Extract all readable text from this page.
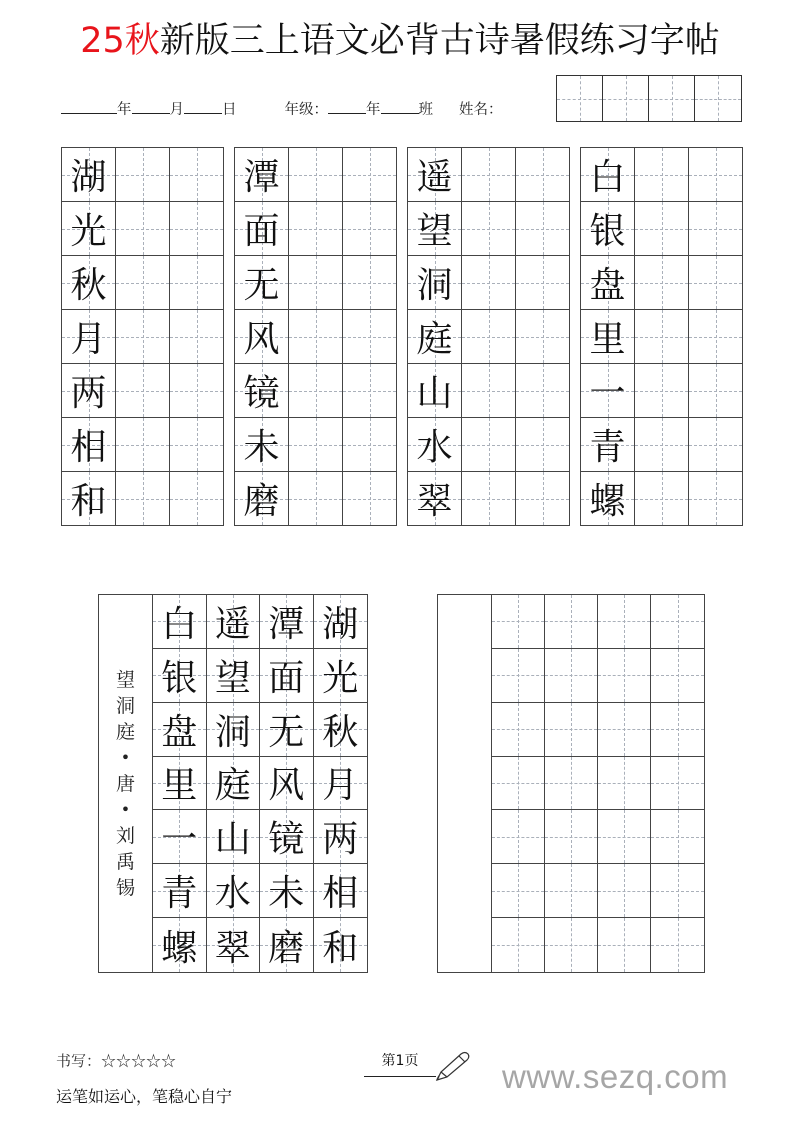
25秋新版三上语文必背古诗暑假练习字帖
年	月	日	年级：	年	班 姓名：
湖
光
秋
月
两
相
和
潭
面
无
风
镜
未
磨
遥
望
洞
庭
山
水
翠
白
银
盘
里
一
青
螺
望
洞
庭
•
唐
•
刘
禹
锡
白 遥 潭 湖
银 望 面 光
盘 洞 无 秋
里 庭 风 月
一 山 镜 两
青 水 未 相
螺 翠 磨 和
书写：☆☆☆☆☆
运笔如运心，笔稳心自宁
第1页	www.sezq.com
